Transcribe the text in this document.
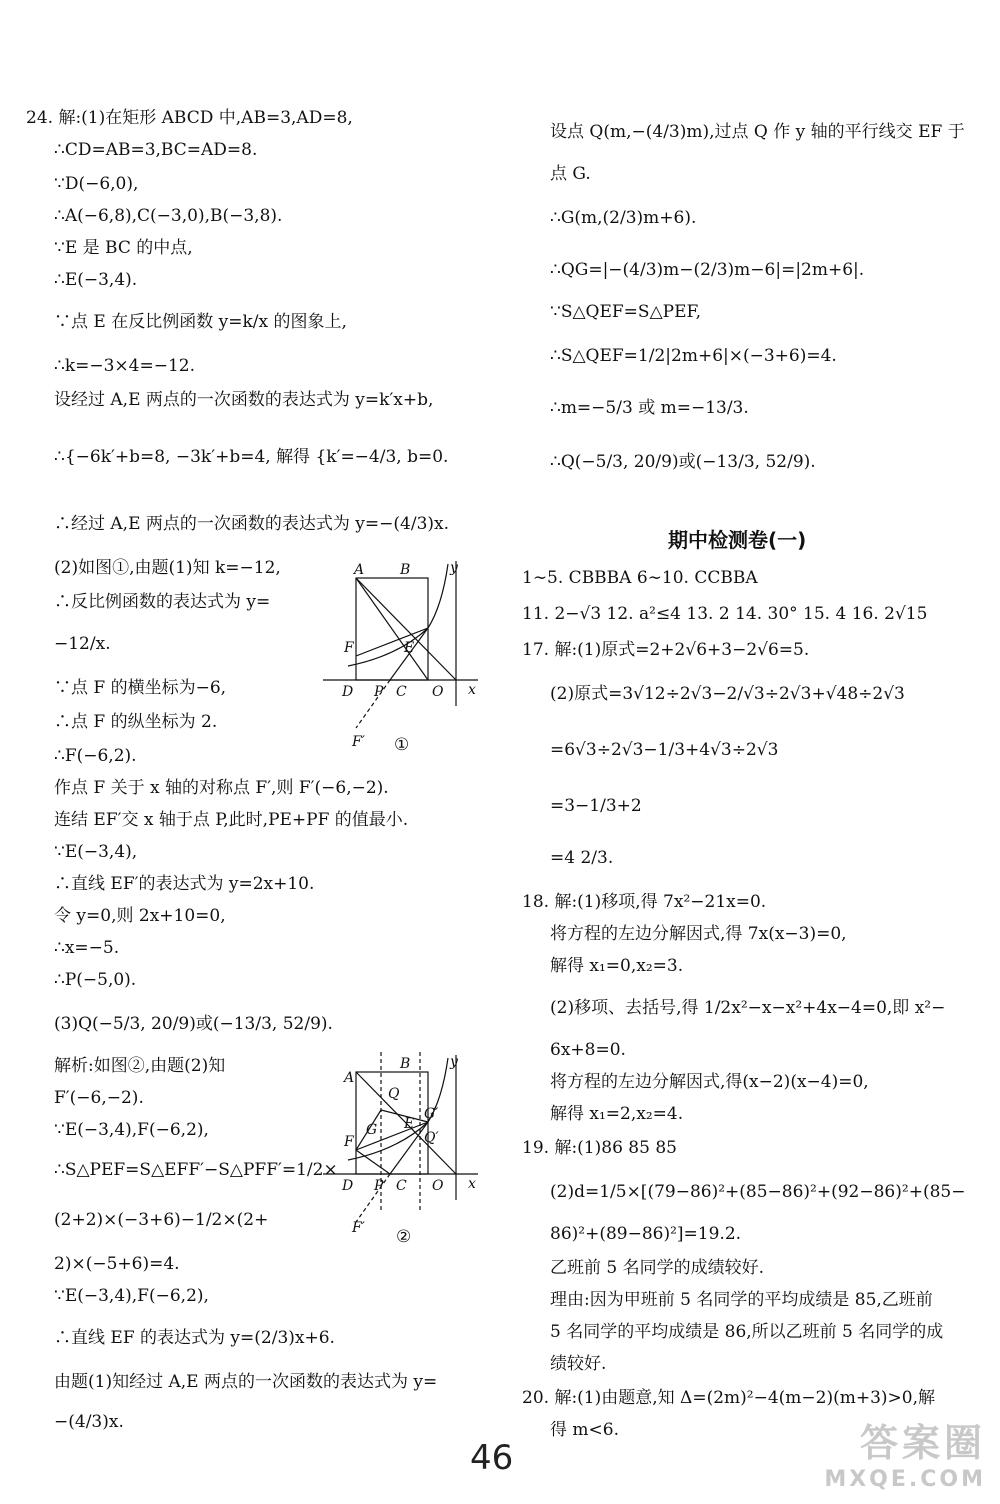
24. 解:(1)在矩形 ABCD 中,AB=3,AD=8,
∴CD=AB=3,BC=AD=8.
∵D(−6,0),
∴A(−6,8),C(−3,0),B(−3,8).
∵E 是 BC 的中点,
∴E(−3,4).
∵点 E 在反比例函数 y=k/x 的图象上,
∴k=−3×4=−12.
设经过 A,E 两点的一次函数的表达式为 y=k′x+b,
∴{−6k′+b=8, −3k′+b=4, 解得 {k′=−4/3, b=0.
∴经过 A,E 两点的一次函数的表达式为 y=−(4/3)x.
(2)如图①,由题(1)知 k=−12,
∴反比例函数的表达式为 y=
−12/x.
∵点 F 的横坐标为−6,
∴点 F 的纵坐标为 2.
∴F(−6,2).
作点 F 关于 x 轴的对称点 F′,则 F′(−6,−2).
连结 EF′交 x 轴于点 P,此时,PE+PF 的值最小.
∵E(−3,4),
∴直线 EF′的表达式为 y=2x+10.
令 y=0,则 2x+10=0,
∴x=−5.
∴P(−5,0).
(3)Q(−5/3, 20/9)或(−13/3, 52/9).
解析:如图②,由题(2)知
F′(−6,−2).
∵E(−3,4),F(−6,2),
∴S△PEF=S△EFF′−S△PFF′=1/2×
(2+2)×(−3+6)−1/2×(2+
2)×(−5+6)=4.
∵E(−3,4),F(−6,2),
∴直线 EF 的表达式为 y=(2/3)x+6.
由题(1)知经过 A,E 两点的一次函数的表达式为 y=
−(4/3)x.
期中检测卷(一)
设点 Q(m,−(4/3)m),过点 Q 作 y 轴的平行线交 EF 于
点 G.
∴G(m,(2/3)m+6).
∴QG=|−(4/3)m−(2/3)m−6|=|2m+6|.
∵S△QEF=S△PEF,
∴S△QEF=1/2|2m+6|×(−3+6)=4.
∴m=−5/3 或 m=−13/3.
∴Q(−5/3, 20/9)或(−13/3, 52/9).
1∼5. CBBBA 6∼10. CCBBA
11. 2−√3 12. a²≤4 13. 2 14. 30° 15. 4 16. 2√15
17. 解:(1)原式=2+2√6+3−2√6=5.
(2)原式=3√12÷2√3−2/√3÷2√3+√48÷2√3
=6√3÷2√3−1/3+4√3÷2√3
=3−1/3+2
=4 2/3.
18. 解:(1)移项,得 7x²−21x=0.
将方程的左边分解因式,得 7x(x−3)=0,
解得 x₁=0,x₂=3.
(2)移项、去括号,得 1/2x²−x−x²+4x−4=0,即 x²−
6x+8=0.
将方程的左边分解因式,得(x−2)(x−4)=0,
解得 x₁=2,x₂=4.
19. 解:(1)86 85 85
(2)d=1/5×[(79−86)²+(85−86)²+(92−86)²+(85−
86)²+(89−86)²]=19.2.
乙班前 5 名同学的成绩较好.
理由:因为甲班前 5 名同学的平均成绩是 85,乙班前
5 名同学的平均成绩是 86,所以乙班前 5 名同学的成
绩较好.
20. 解:(1)由题意,知 Δ=(2m)²−4(m−2)(m+3)>0,解
得 m<6.
A	B
E
F
D P C O x
y
F′ ①
A
B
Q
G E
G′
Q′
F
D P C O x
y
F′ ②
46	答案圈
MXQE.COM
